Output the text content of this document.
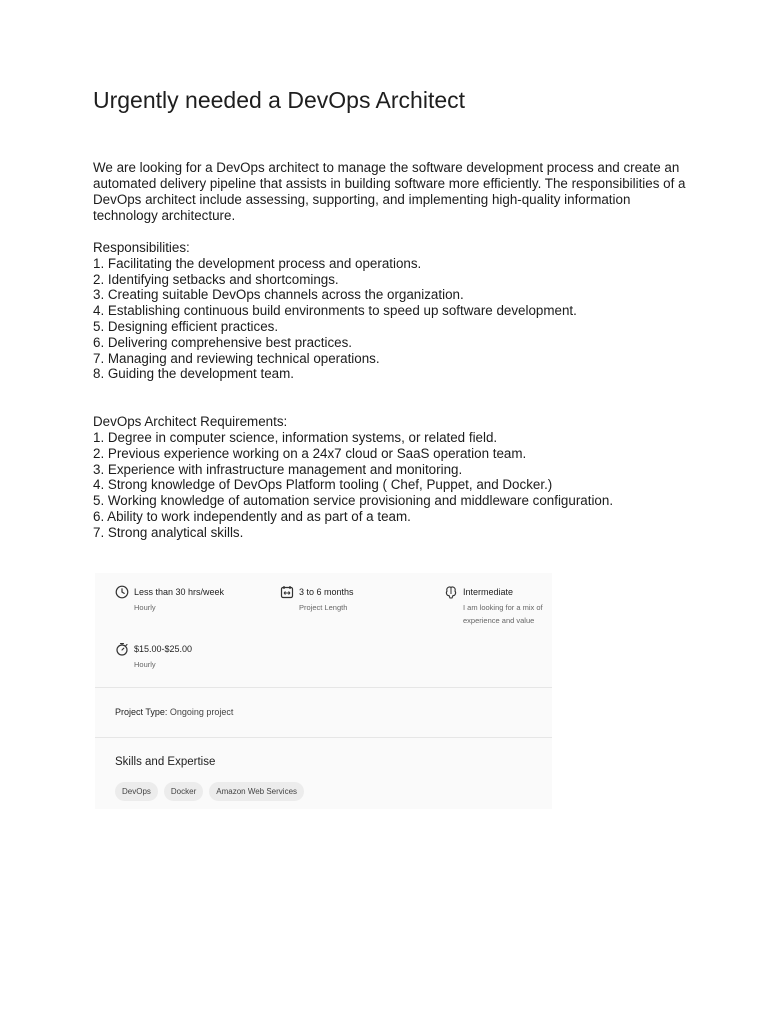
Urgently needed a DevOps Architect

We are looking for a DevOps architect to manage the software development process and create an automated delivery pipeline that assists in building software more efficiently. The responsibilities of a DevOps architect include assessing, supporting, and implementing high-quality information technology architecture.

Responsibilities:
1. Facilitating the development process and operations.
2. Identifying setbacks and shortcomings.
3. Creating suitable DevOps channels across the organization.
4. Establishing continuous build environments to speed up software development.
5. Designing efficient practices.
6. Delivering comprehensive best practices.
7. Managing and reviewing technical operations.
8. Guiding the development team.
DevOps Architect Requirements:
1. Degree in computer science, information systems, or related field.
2. Previous experience working on a 24x7 cloud or SaaS operation team.
3. Experience with infrastructure management and monitoring.
4. Strong knowledge of DevOps Platform tooling ( Chef, Puppet, and Docker.)
5. Working knowledge of automation service provisioning and middleware configuration.
6. Ability to work independently and as part of a team.
7. Strong analytical skills.
Less than 30 hrs/week
Hourly
3 to 6 months
Project Length
Intermediate
I am looking for a mix of
experience and value
$15.00-$25.00
Hourly
Project Type: Ongoing project
Skills and Expertise
DevOps	Docker	Amazon Web Services
